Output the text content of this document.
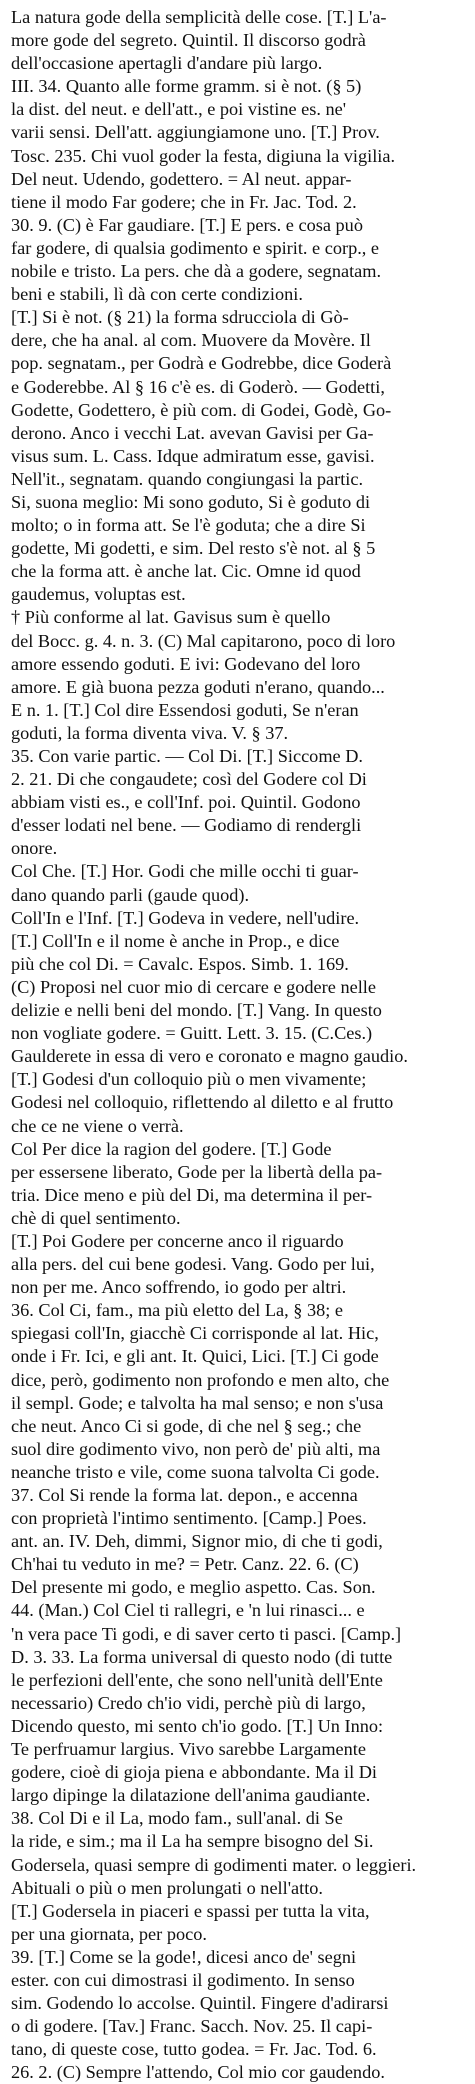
La natura gode della semplicità delle cose. [T.] L'a-
more gode del segreto. Quintil. Il discorso godrà
dell'occasione apertagli d'andare più largo.
III. 34. Quanto alle forme gramm. si è not. (§ 5)
la dist. del neut. e dell'att., e poi vistine es. ne'
varii sensi. Dell'att. aggiungiamone uno. [T.] Prov.
Tosc. 235. Chi vuol goder la festa, digiuna la vigilia.
Del neut. Udendo, godettero. = Al neut. appar-
tiene il modo Far godere; che in Fr. Jac. Tod. 2.
30. 9. (C) è Far gaudiare. [T.] E pers. e cosa può
far godere, di qualsia godimento e spirit. e corp., e
nobile e tristo. La pers. che dà a godere, segnatam.
beni e stabili, lì dà con certe condizioni.
[T.] Si è not. (§ 21) la forma sdrucciola di Gò-
dere, che ha anal. al com. Muovere da Movère. Il
pop. segnatam., per Godrà e Godrebbe, dice Goderà
e Goderebbe. Al § 16 c'è es. di Goderò. — Godetti,
Godette, Godettero, è più com. di Godei, Godè, Go-
derono. Anco i vecchi Lat. avevan Gavisi per Ga-
visus sum. L. Cass. Idque admiratum esse, gavisi.
Nell'it., segnatam. quando congiungasi la partic.
Si, suona meglio: Mi sono goduto, Si è goduto di
molto; o in forma att. Se l'è goduta; che a dire Si
godette, Mi godetti, e sim. Del resto s'è not. al § 5
che la forma att. è anche lat. Cic. Omne id quod
gaudemus, voluptas est.
† Più conforme al lat. Gavisus sum è quello
del Bocc. g. 4. n. 3. (C) Mal capitarono, poco di loro
amore essendo goduti. E ivi: Godevano del loro
amore. E già buona pezza goduti n'erano, quando...
E n. 1. [T.] Col dire Essendosi goduti, Se n'eran
goduti, la forma diventa viva. V. § 37.
35. Con varie partic. — Col Di. [T.] Siccome D.
2. 21. Di che congaudete; così del Godere col Di
abbiam visti es., e coll'Inf. poi. Quintil. Godono
d'esser lodati nel bene. — Godiamo di rendergli
onore.
Col Che. [T.] Hor. Godi che mille occhi ti guar-
dano quando parli (gaude quod).
Coll'In e l'Inf. [T.] Godeva in vedere, nell'udire.
[T.] Coll'In e il nome è anche in Prop., e dice
più che col Di. = Cavalc. Espos. Simb. 1. 169.
(C) Proposi nel cuor mio di cercare e godere nelle
delizie e nelli beni del mondo. [T.] Vang. In questo
non vogliate godere. = Guitt. Lett. 3. 15. (C.Ces.)
Gaulderete in essa di vero e coronato e magno gaudio.
[T.] Godesi d'un colloquio più o men vivamente;
Godesi nel colloquio, riflettendo al diletto e al frutto
che ce ne viene o verrà.
Col Per dice la ragion del godere. [T.] Gode
per essersene liberato, Gode per la libertà della pa-
tria. Dice meno e più del Di, ma determina il per-
chè di quel sentimento.
[T.] Poi Godere per concerne anco il riguardo
alla pers. del cui bene godesi. Vang. Godo per lui,
non per me. Anco soffrendo, io godo per altri.
36. Col Ci, fam., ma più eletto del La, § 38; e
spiegasi coll'In, giacchè Ci corrisponde al lat. Hic,
onde i Fr. Ici, e gli ant. It. Quici, Lici. [T.] Ci gode
dice, però, godimento non profondo e men alto, che
il sempl. Gode; e talvolta ha mal senso; e non s'usa
che neut. Anco Ci si gode, di che nel § seg.; che
suol dire godimento vivo, non però de' più alti, ma
neanche tristo e vile, come suona talvolta Ci gode.
37. Col Si rende la forma lat. depon., e accenna
con proprietà l'intimo sentimento. [Camp.] Poes.
ant. an. IV. Deh, dimmi, Signor mio, di che ti godi,
Ch'hai tu veduto in me? = Petr. Canz. 22. 6. (C)
Del presente mi godo, e meglio aspetto. Cas. Son.
44. (Man.) Col Ciel ti rallegri, e 'n lui rinasci... e
'n vera pace Ti godi, e di saver certo ti pasci. [Camp.]
D. 3. 33. La forma universal di questo nodo (di tutte
le perfezioni dell'ente, che sono nell'unità dell'Ente
necessario) Credo ch'io vidi, perchè più di largo,
Dicendo questo, mi sento ch'io godo. [T.] Un Inno:
Te perfruamur largius. Vivo sarebbe Largamente
godere, cioè di gioja piena e abbondante. Ma il Di
largo dipinge la dilatazione dell'anima gaudiante.
38. Col Di e il La, modo fam., sull'anal. di Se
la ride, e sim.; ma il La ha sempre bisogno del Si.
Godersela, quasi sempre di godimenti mater. o leggieri.
Abituali o più o men prolungati o nell'atto.
[T.] Godersela in piaceri e spassi per tutta la vita,
per una giornata, per poco.
39. [T.] Come se la gode!, dicesi anco de' segni
ester. con cui dimostrasi il godimento. In senso
sim. Godendo lo accolse. Quintil. Fingere d'adirarsi
o di godere. [Tav.] Franc. Sacch. Nov. 25. Il capi-
tano, di queste cose, tutto godea. = Fr. Jac. Tod. 6.
26. 2. (C) Sempre l'attendo, Col mio cor gaudendo.
